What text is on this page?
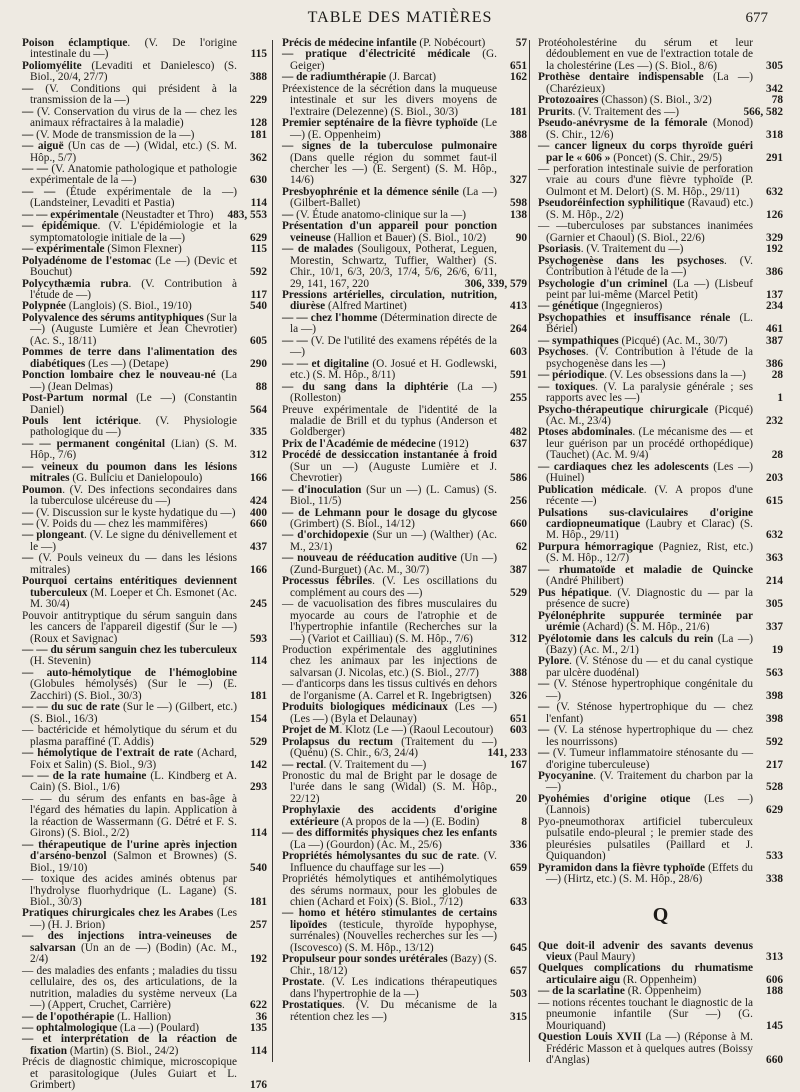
TABLE DES MATIÈRES	677

Poison éclamptique. (V. De l'origine intestinale du —)	115

Poliomyélite (Levaditi et Danielesco) (S. Biol., 20/4, 27/7)	388

— (V. Conditions qui président à la transmission de la —)	229

— (V. Conservation du virus de la — chez les animaux réfractaires à la maladie)	128

— (V. Mode de transmission de la —)	181

— aiguë (Un cas de —) (Widal, etc.) (S. M. Hôp., 5/7)	362

— — (V. Anatomie pathologique et pathologie expérimentale de la —)	630

— — (Étude expérimentale de la —) (Landsteiner, Levaditi et Pastia)	114

— — expérimentale (Neustadter et Thro) 483, 553

— épidémique. (V. L'épidémiologie et la symptomatologie initiale de la —)	629

— expérimentale (Simon Flexner)	115

Polyadénome de l'estomac (Le —) (Devic et Bouchut)	592

Polycythæmia rubra. (V. Contribution à l'étude de —)	117

Polypnée (Langlois) (S. Biol., 19/10)	540

Polyvalence des sérums antityphiques (Sur la —) (Auguste Lumière et Jean Chevrotier) (Ac. S., 18/11)	605

Pommes de terre dans l'alimentation des diabétiques (Les —) (Detape)	290

Ponction lombaire chez le nouveau-né (La —) (Jean Delmas)	88

Post-Partum normal (Le —) (Constantin Daniel)	564

Pouls lent ictérique. (V. Physiologie pathologique du —)	335

— — permanent congénital (Lian) (S. M. Hôp., 7/6)	312

— veineux du poumon dans les lésions mitrales (G. Buliciu et Danielopoulo)	166

Poumon. (V. Des infections secondaires dans la tuberculose ulcéreuse du —)	424

— (V. Discussion sur le kyste hydatique du —) 400

— (V. Poids du — chez les mammifères)	660

— plongeant. (V. Le signe du dénivellement et le —)	437

— (V. Pouls veineux du — dans les lésions mitrales)	166

Pourquoi certains entéritiques deviennent tuberculeux (M. Loeper et Ch. Esmonet (Ac. M. 30/4)	245

Pouvoir antitryptique du sérum sanguin dans les cancers de l'appareil digestif (Sur le —) (Roux et Savignac)	593

— — du sérum sanguin chez les tuberculeux (H. Stevenin)	114

— auto-hémolytique de l'hémoglobine (Globules hémolysés) (Sur le —) (E. Zacchiri) (S. Biol., 30/3)	181

— — du suc de rate (Sur le —) (Gilbert, etc.) (S. Biol., 16/3)	154

— bactéricide et hémolytique du sérum et du plasma paraffiné (T. Addis)	529

— hémolytique de l'extrait de rate (Achard, Foix et Salin) (S. Biol., 9/3)	142

— — de la rate humaine (L. Kindberg et A. Cain) (S. Biol., 1/6)	293

— — du sérum des enfants en bas-âge à l'égard des hématies du lapin. Application à la réaction de Wassermann (G. Détré et F. S. Girons) (S. Biol., 2/2)	114

— thérapeutique de l'urine après injection d'arséno-benzol (Salmon et Brownes) (S. Biol., 19/10)	540

— toxique des acides aminés obtenus par l'hydrolyse fluorhydrique (L. Lagane) (S. Biol., 30/3)	181

Pratiques chirurgicales chez les Arabes (Les —) (H. J. Brion)	257

— des injections intra-veineuses de salvarsan (Un an de —) (Bodin) (Ac. M., 2/4)	192

— des maladies des enfants ; maladies du tissu cellulaire, des os, des articulations, de la nutrition, maladies du système nerveux (La —) (Appert, Cruchet, Carrière)	622

— de l'opothérapie (L. Hallion)	36

— ophtalmologique (La —) (Poulard)	135

— et interprétation de la réaction de fixation (Martin) (S. Biol., 24/2)	114

Précis de diagnostic chimique, microscopique et parasitologique (Jules Guiart et L. Grimbert)	176

Précis de médecine infantile (P. Nobécourt)	57

— pratique d'électricité médicale (G. Geiger)	651

— de radiumthérapie (J. Barcat)	162

Préexistence de la sécrétion dans la muqueuse intestinale et sur les divers moyens de l'extraire (Delezenne) (S. Biol., 30/3)	181

Premier septénaire de la fièvre typhoïde (Le —) (E. Oppenheim)	388

— signes de la tuberculose pulmonaire (Dans quelle région du sommet faut-il chercher les —) (E. Sergent) (S. M. Hôp., 14/6)	327

Presbyophrénie et la démence sénile (La —) (Gilbert-Ballet)	598

— (V. Étude anatomo-clinique sur la —)	138

Présentation d'un appareil pour ponction veineuse (Hallion et Bauer) (S. Biol., 10/2)	90

— de malades (Souligoux, Potherat, Leguen, Morestin, Schwartz, Tuffier, Walther) (S. Chir., 10/1, 6/3, 20/3, 17/4, 5/6, 26/6, 6/11, 29, 141, 167, 220	306, 339, 579

Pressions artérielles, circulation, nutrition, diurèse (Alfred Martinet)	413

— — chez l'homme (Détermination directe de la —)	264

— — (V. De l'utilité des examens répétés de la —)	603

— — et digitaline (O. Josué et H. Godlewski, etc.) (S. M. Hôp., 8/11)	591

— du sang dans la diphtérie (La —) (Rolleston)	255

Preuve expérimentale de l'identité de la maladie de Brill et du typhus (Anderson et Goldberger)	482

Prix de l'Académie de médecine (1912)	637

Procédé de dessiccation instantanée à froid (Sur un —) (Auguste Lumière et J. Chevrotier)	586

— d'inoculation (Sur un —) (L. Camus) (S. Biol., 11/5)	256

— de Lehmann pour le dosage du glycose (Grimbert) (S. Biol., 14/12)	660

— d'orchidopexie (Sur un —) (Walther) (Ac. M., 23/1)	62

— nouveau de rééducation auditive (Un —) (Zund-Burguet) (Ac. M., 30/7)	387

Processus fébriles. (V. Les oscillations du complément au cours des —)	529

— de vacuolisation des fibres musculaires du myocarde au cours de l'atrophie et de l'hypertrophie infantile (Recherches sur la —) (Variot et Cailliau) (S. M. Hôp., 7/6)	312

Production expérimentale des agglutinines chez les animaux par les injections de salvarsan (J. Nicolas, etc.) (S. Biol., 27/7)	388

— d'anticorps dans les tissus cultivés en dehors de l'organisme (A. Carrel et R. Ingebrigtsen) 326

Produits biologiques médicinaux (Les —) (Les —) (Byla et Delaunay)	651

Projet de M. Klotz (Le —) (Raoul Lecoutour) 603

Prolapsus du rectum (Traitement du —) (Quénu) (S. Chir., 6/3, 24/4)	141, 233

— rectal. (V. Traitement du —)	167

Pronostic du mal de Bright par le dosage de l'urée dans le sang (Widal) (S. M. Hôp., 22/12)	20

Prophylaxie des accidents d'origine extérieure (A propos de la —) (E. Bodin)	8

— des difformités physiques chez les enfants (La —) (Gourdon) (Ac. M., 25/6)	336

Propriétés hémolysantes du suc de rate. (V. Influence du chauffage sur les —)	659

Propriétés hémolytiques et antihémolytiques des sérums normaux, pour les globules de chien (Achard et Foix) (S. Biol., 7/12)	633

— homo et hétéro stimulantes de certains lipoïdes (testicule, thyroïde hypophyse, surrénales) (Nouvelles recherches sur les —) (Iscovesco) (S. M. Hôp., 13/12)	645

Propulseur pour sondes urétérales (Bazy) (S. Chir., 18/12)	657

Prostate. (V. Les indications thérapeutiques dans l'hypertrophie de la —)	503

Prostatiques. (V. Du mécanisme de la rétention chez les —)	315

Protéoholestérine du sérum et leur dédoublement en vue de l'extraction totale de la cholestérine (Les —) (S. Biol., 8/6)	305

Prothèse dentaire indispensable (La —) (Charézieux)	342

Protozoaires (Chasson) (S. Biol., 3/2)	78

Prurits. (V. Traitement des —)	566, 582

Pseudo-anévrysme de la fémorale (Monod) (S. Chir., 12/6)	318

— cancer ligneux du corps thyroïde guéri par le « 606 » (Poncet) (S. Chir., 29/5)	291

— perforation intestinale suivie de perforation vraie au cours d'une fièvre typhoïde (P. Oulmont et M. Delort) (S. M. Hôp., 29/11) 632

Pseudoréinfection syphilitique (Ravaud) etc.) (S. M. Hôp., 2/2)	126

— —tuberculoses par substances inanimées (Garnier et Chaoul) (S. Biol., 22/6)	329

Psoriasis. (V. Traitement du —)	192

Psychogenèse dans les psychoses. (V. Contribution à l'étude de la —)	386

Psychologie d'un criminel (La —) (Lisbeuf peint par lui-même (Marcel Petit)	137

— génétique (Ingegnieros)	234

Psychopathies et insuffisance rénale (L. Bériel)	461

— sympathiques (Picqué) (Ac. M., 30/7)	387

Psychoses. (V. Contribution à l'étude de la psychogenèse dans les —)	386

— périodique. (V. Les obsessions dans la —) 28

— toxiques. (V. La paralysie générale ; ses rapports avec les —)	1

Psycho-thérapeutique chirurgicale (Picqué) (Ac. M., 23/4)	232

Ptoses abdominales. (Le mécanisme des — et leur guérison par un procédé orthopédique) (Tauchet) (Ac. M. 9/4)	28

— cardiaques chez les adolescents (Les —) (Huinel)	203

Publication médicale. (V. A propos d'une récente —)	615

Pulsations sus-claviculaires d'origine cardiopneumatique (Laubry et Clarac) (S. M. Hôp., 29/11)	632

Purpura hémorragique (Pagniez, Rist, etc.) (S. M. Hôp., 12/7)	363

— rhumatoïde et maladie de Quincke (André Philibert)	214

Pus hépatique. (V. Diagnostic du — par la présence de sucre)	305

Pyélonéphrite suppurée terminée par urémie (Achard) (S. M. Hôp., 21/6)	337

Pyélotomie dans les calculs du rein (La —) (Bazy) (Ac. M., 2/1)	19

Pylore. (V. Sténose du — et du canal cystique par ulcère duodénal)	563

— (V. Sténose hypertrophique congénitale du —)	398

— (V. Sténose hypertrophique du — chez l'enfant)	398

— (V. La sténose hypertrophique du — chez les nourrissons)	592

— (V. Tumeur inflammatoire sténosante du — d'origine tuberculeuse)	217

Pyocyanine. (V. Traitement du charbon par la —)	528

Pyohémies d'origine otique (Les —) (Lannois)	629

Pyo-pneumothorax artificiel tuberculeux pulsatile endo-pleural ; le premier stade des pleurésies pulsatiles (Paillard et J. Quiquandon)	533

Pyramidon dans la fièvre typhoïde (Effets du —) (Hirtz, etc.) (S. M. Hôp., 28/6)	338

Q

Que doit-il advenir des savants devenus vieux (Paul Maury)	313

Quelques complications du rhumatisme articulaire aigu (R. Oppenheim)	606

— de la scarlatine (R. Oppenheim)	188

— notions récentes touchant le diagnostic de la pneumonie infantile (Sur —) (G. Mouriquand)	145

Question Louis XVII (La —) (Réponse à M. Frédéric Masson et à quelques autres (Boissy d'Anglas)	660
